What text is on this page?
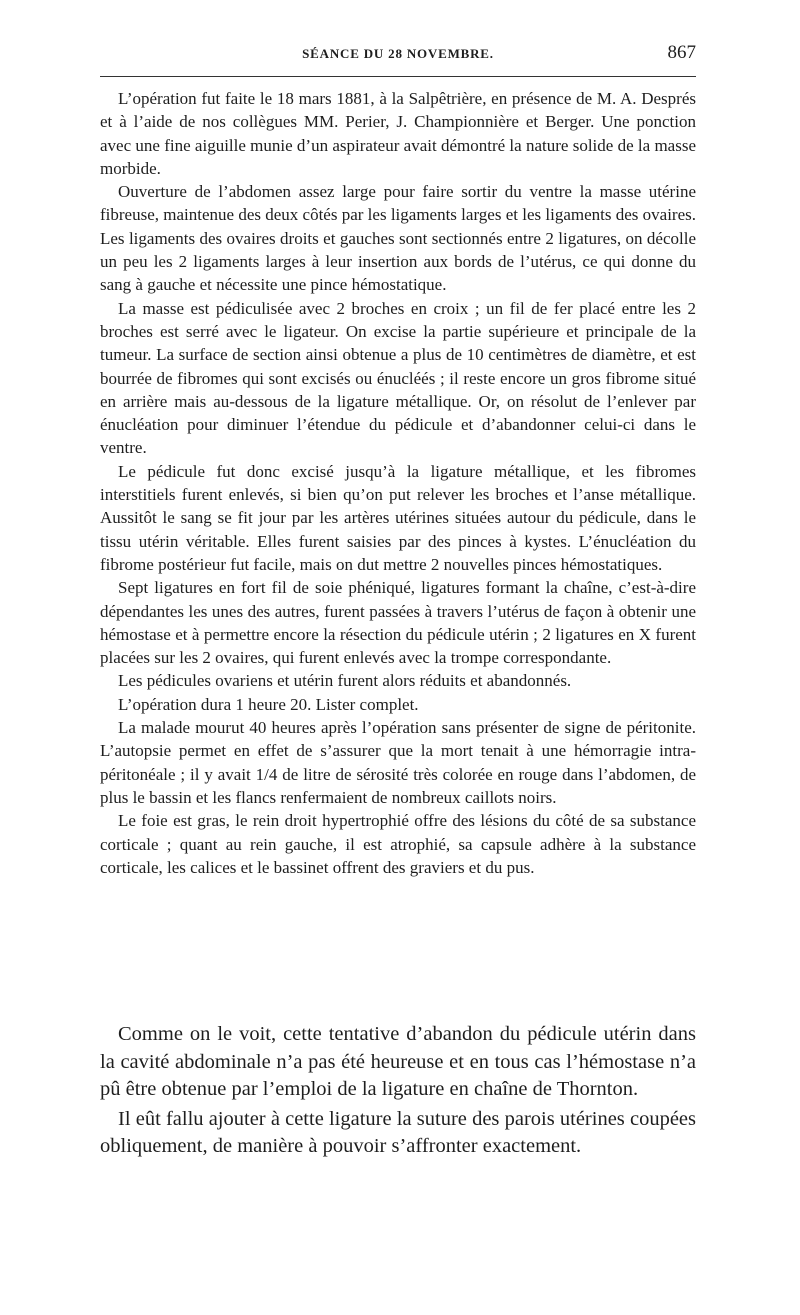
SÉANCE DU 28 NOVEMBRE.	867

L’opération fut faite le 18 mars 1881, à la Salpêtrière, en présence de M. A. Després et à l’aide de nos collègues MM. Perier, J. Championnière et Berger. Une ponction avec une fine aiguille munie d’un aspirateur avait démontré la nature solide de la masse morbide.

Ouverture de l’abdomen assez large pour faire sortir du ventre la masse utérine fibreuse, maintenue des deux côtés par les ligaments larges et les ligaments des ovaires. Les ligaments des ovaires droits et gauches sont sectionnés entre 2 ligatures, on décolle un peu les 2 ligaments larges à leur insertion aux bords de l’utérus, ce qui donne du sang à gauche et nécessite une pince hémostatique.

La masse est pédiculisée avec 2 broches en croix ; un fil de fer placé entre les 2 broches est serré avec le ligateur. On excise la partie supérieure et principale de la tumeur. La surface de section ainsi obtenue a plus de 10 centimètres de diamètre, et est bourrée de fibromes qui sont excisés ou énucléés ; il reste encore un gros fibrome situé en arrière mais au-dessous de la ligature métallique. Or, on résolut de l’enlever par énucléation pour diminuer l’étendue du pédicule et d’abandonner celui-ci dans le ventre.

Le pédicule fut donc excisé jusqu’à la ligature métallique, et les fibromes interstitiels furent enlevés, si bien qu’on put relever les broches et l’anse métallique. Aussitôt le sang se fit jour par les artères utérines situées autour du pédicule, dans le tissu utérin véritable. Elles furent saisies par des pinces à kystes. L’énucléation du fibrome postérieur fut facile, mais on dut mettre 2 nouvelles pinces hémostatiques.

Sept ligatures en fort fil de soie phéniqué, ligatures formant la chaîne, c’est-à-dire dépendantes les unes des autres, furent passées à travers l’utérus de façon à obtenir une hémostase et à permettre encore la résection du pédicule utérin ; 2 ligatures en X furent placées sur les 2 ovaires, qui furent enlevés avec la trompe correspondante.

Les pédicules ovariens et utérin furent alors réduits et abandonnés.

L’opération dura 1 heure 20. Lister complet.

La malade mourut 40 heures après l’opération sans présenter de signe de péritonite. L’autopsie permet en effet de s’assurer que la mort tenait à une hémorragie intra-péritonéale ; il y avait 1/4 de litre de sérosité très colorée en rouge dans l’abdomen, de plus le bassin et les flancs renfermaient de nombreux caillots noirs.

Le foie est gras, le rein droit hypertrophié offre des lésions du côté de sa substance corticale ; quant au rein gauche, il est atrophié, sa capsule adhère à la substance corticale, les calices et le bassinet offrent des graviers et du pus.

Comme on le voit, cette tentative d’abandon du pédicule utérin dans la cavité abdominale n’a pas été heureuse et en tous cas l’hémostase n’a pû être obtenue par l’emploi de la ligature en chaîne de Thornton.

Il eût fallu ajouter à cette ligature la suture des parois utérines coupées obliquement, de manière à pouvoir s’affronter exactement.
